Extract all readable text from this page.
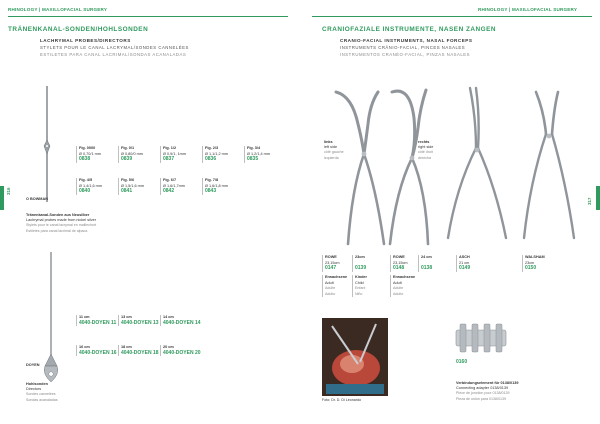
RHINOLOGY | MAXILLOFACIAL SURGERY	RHINOLOGY | MAXILLOFACIAL SURGERY
TRÄNENKANAL-SONDEN/HOHLSONDEN
LACHRYMAL PROBES/DIRECTORS
STYLETS POUR LE CANAL LACRYMAL/SONDES CANNELÉES
ESTILETES PARA CANAL LACRIMAL/SONDAS ACANALADAS
CRANIOFAZIALE INSTRUMENTE, NASEN ZANGEN
CRANIO-FACIAL INSTRUMENTS, NASAL FORCEPS
INSTRUMENTS CRÂNIO-FACIAL, PINCES NASALES
INSTRUMENTOS CRANÉO-FACIAL, PINZAS NASALES
316
317
Fig. 0000
Ø 0,70/1 mm
0838
Fig. 0/1
Ø 0,80/0 mm
0839
Fig. 1/2
Ø 0,9/1, 1mm
0837
Fig. 2/3
Ø 1,1/1,2 mm
0836
Fig. 3/4
Ø 1,2/1,4 mm
0835
Fig. 4/5
Ø 1,4/1,6 mm
0840
Fig. 5/6
Ø 1,5/1,6 mm
0841
Fig. 6/7
Ø 1,6/1,7mm
0842
Fig. 7/8
Ø 1,6/1,8 mm
0843
O BOWMAN
Tränenkanal-Sonden aus Neusilber
Lachrymal probes made from nickel silver
Stylets pour le canal lacrymal en maillechort
Estiletes para canal lacrimal de alpaca
11 cm
4040-DOYEN 11
13 cm
4040-DOYEN 13
14 cm
4040-DOYEN 14
16 cm
4040-DOYEN 16
18 cm
4040-DOYEN 18
20 cm
4040-DOYEN 20
DOYEN
Hohlsonden
Directors
Sondes cannelées
Sondas acanaladas
links
left side
côté gauche
izquierda
rechts
right side
côté droit
derecha
ROWE
23,15cm
0147
Erwachsene
Adult
Adulte
Adulto
23cm

0139
Kinder
Child
Enfant
Niño
ROWE
23,15cm
0148
Erwachsene
Adult
Adulte
Adulto
24 cm

0138
ASCH
21 cm
0149
WALSHAM
23cm
0150
Foto: Dr. D. Di Leonardo
0160
Verbindungselement für 0138/0139
Connecting adapter 0138/0139
Pièce de jonction pour 0138/0139
Pieza de unión para 0138/0139
